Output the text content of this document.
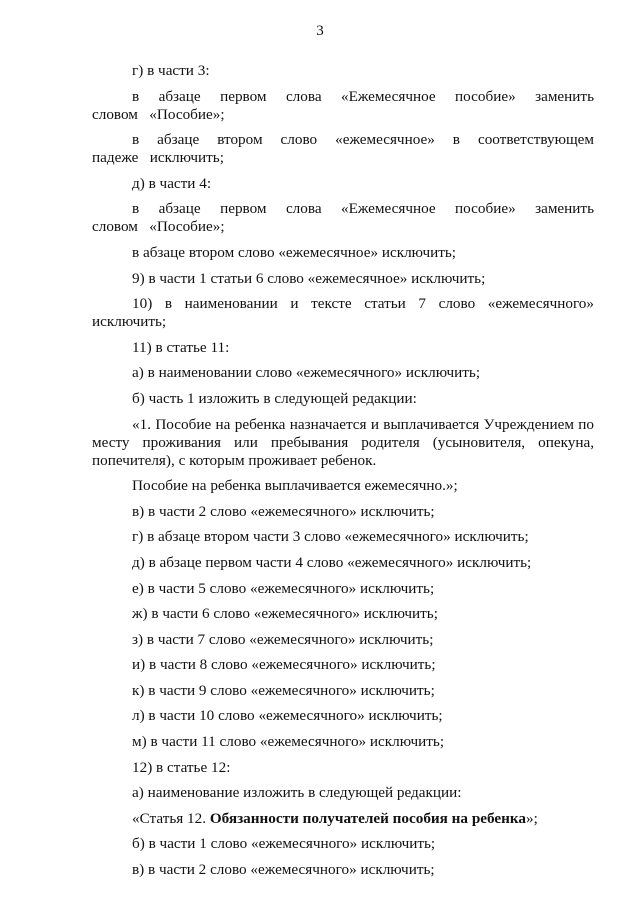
3

г) в части 3:

в абзаце первом слова «Ежемесячное пособие» заменить словом «Пособие»;

в абзаце втором слово «ежемесячное» в соответствующем падеже исключить;

д) в части 4:

в абзаце первом слова «Ежемесячное пособие» заменить словом «Пособие»;

в абзаце втором слово «ежемесячное» исключить;

9) в части 1 статьи 6 слово «ежемесячное» исключить;

10) в наименовании и тексте статьи 7 слово «ежемесячного» исключить;

11) в статье 11:

а) в наименовании слово «ежемесячного» исключить;

б) часть 1 изложить в следующей редакции:

«1. Пособие на ребенка назначается и выплачивается Учреждением по месту проживания или пребывания родителя (усыновителя, опекуна, попечителя), с которым проживает ребенок.

Пособие на ребенка выплачивается ежемесячно.»;

в) в части 2 слово «ежемесячного» исключить;

г) в абзаце втором части 3 слово «ежемесячного» исключить;

д) в абзаце первом части 4 слово «ежемесячного» исключить;

е) в части 5 слово «ежемесячного» исключить;

ж) в части 6 слово «ежемесячного» исключить;

з) в части 7 слово «ежемесячного» исключить;

и) в части 8 слово «ежемесячного» исключить;

к) в части 9 слово «ежемесячного» исключить;

л) в части 10 слово «ежемесячного» исключить;

м) в части 11 слово «ежемесячного» исключить;

12) в статье 12:

а) наименование изложить в следующей редакции:

«Статья 12. Обязанности получателей пособия на ребенка»;

б) в части 1 слово «ежемесячного» исключить;

в) в части 2 слово «ежемесячного» исключить;
